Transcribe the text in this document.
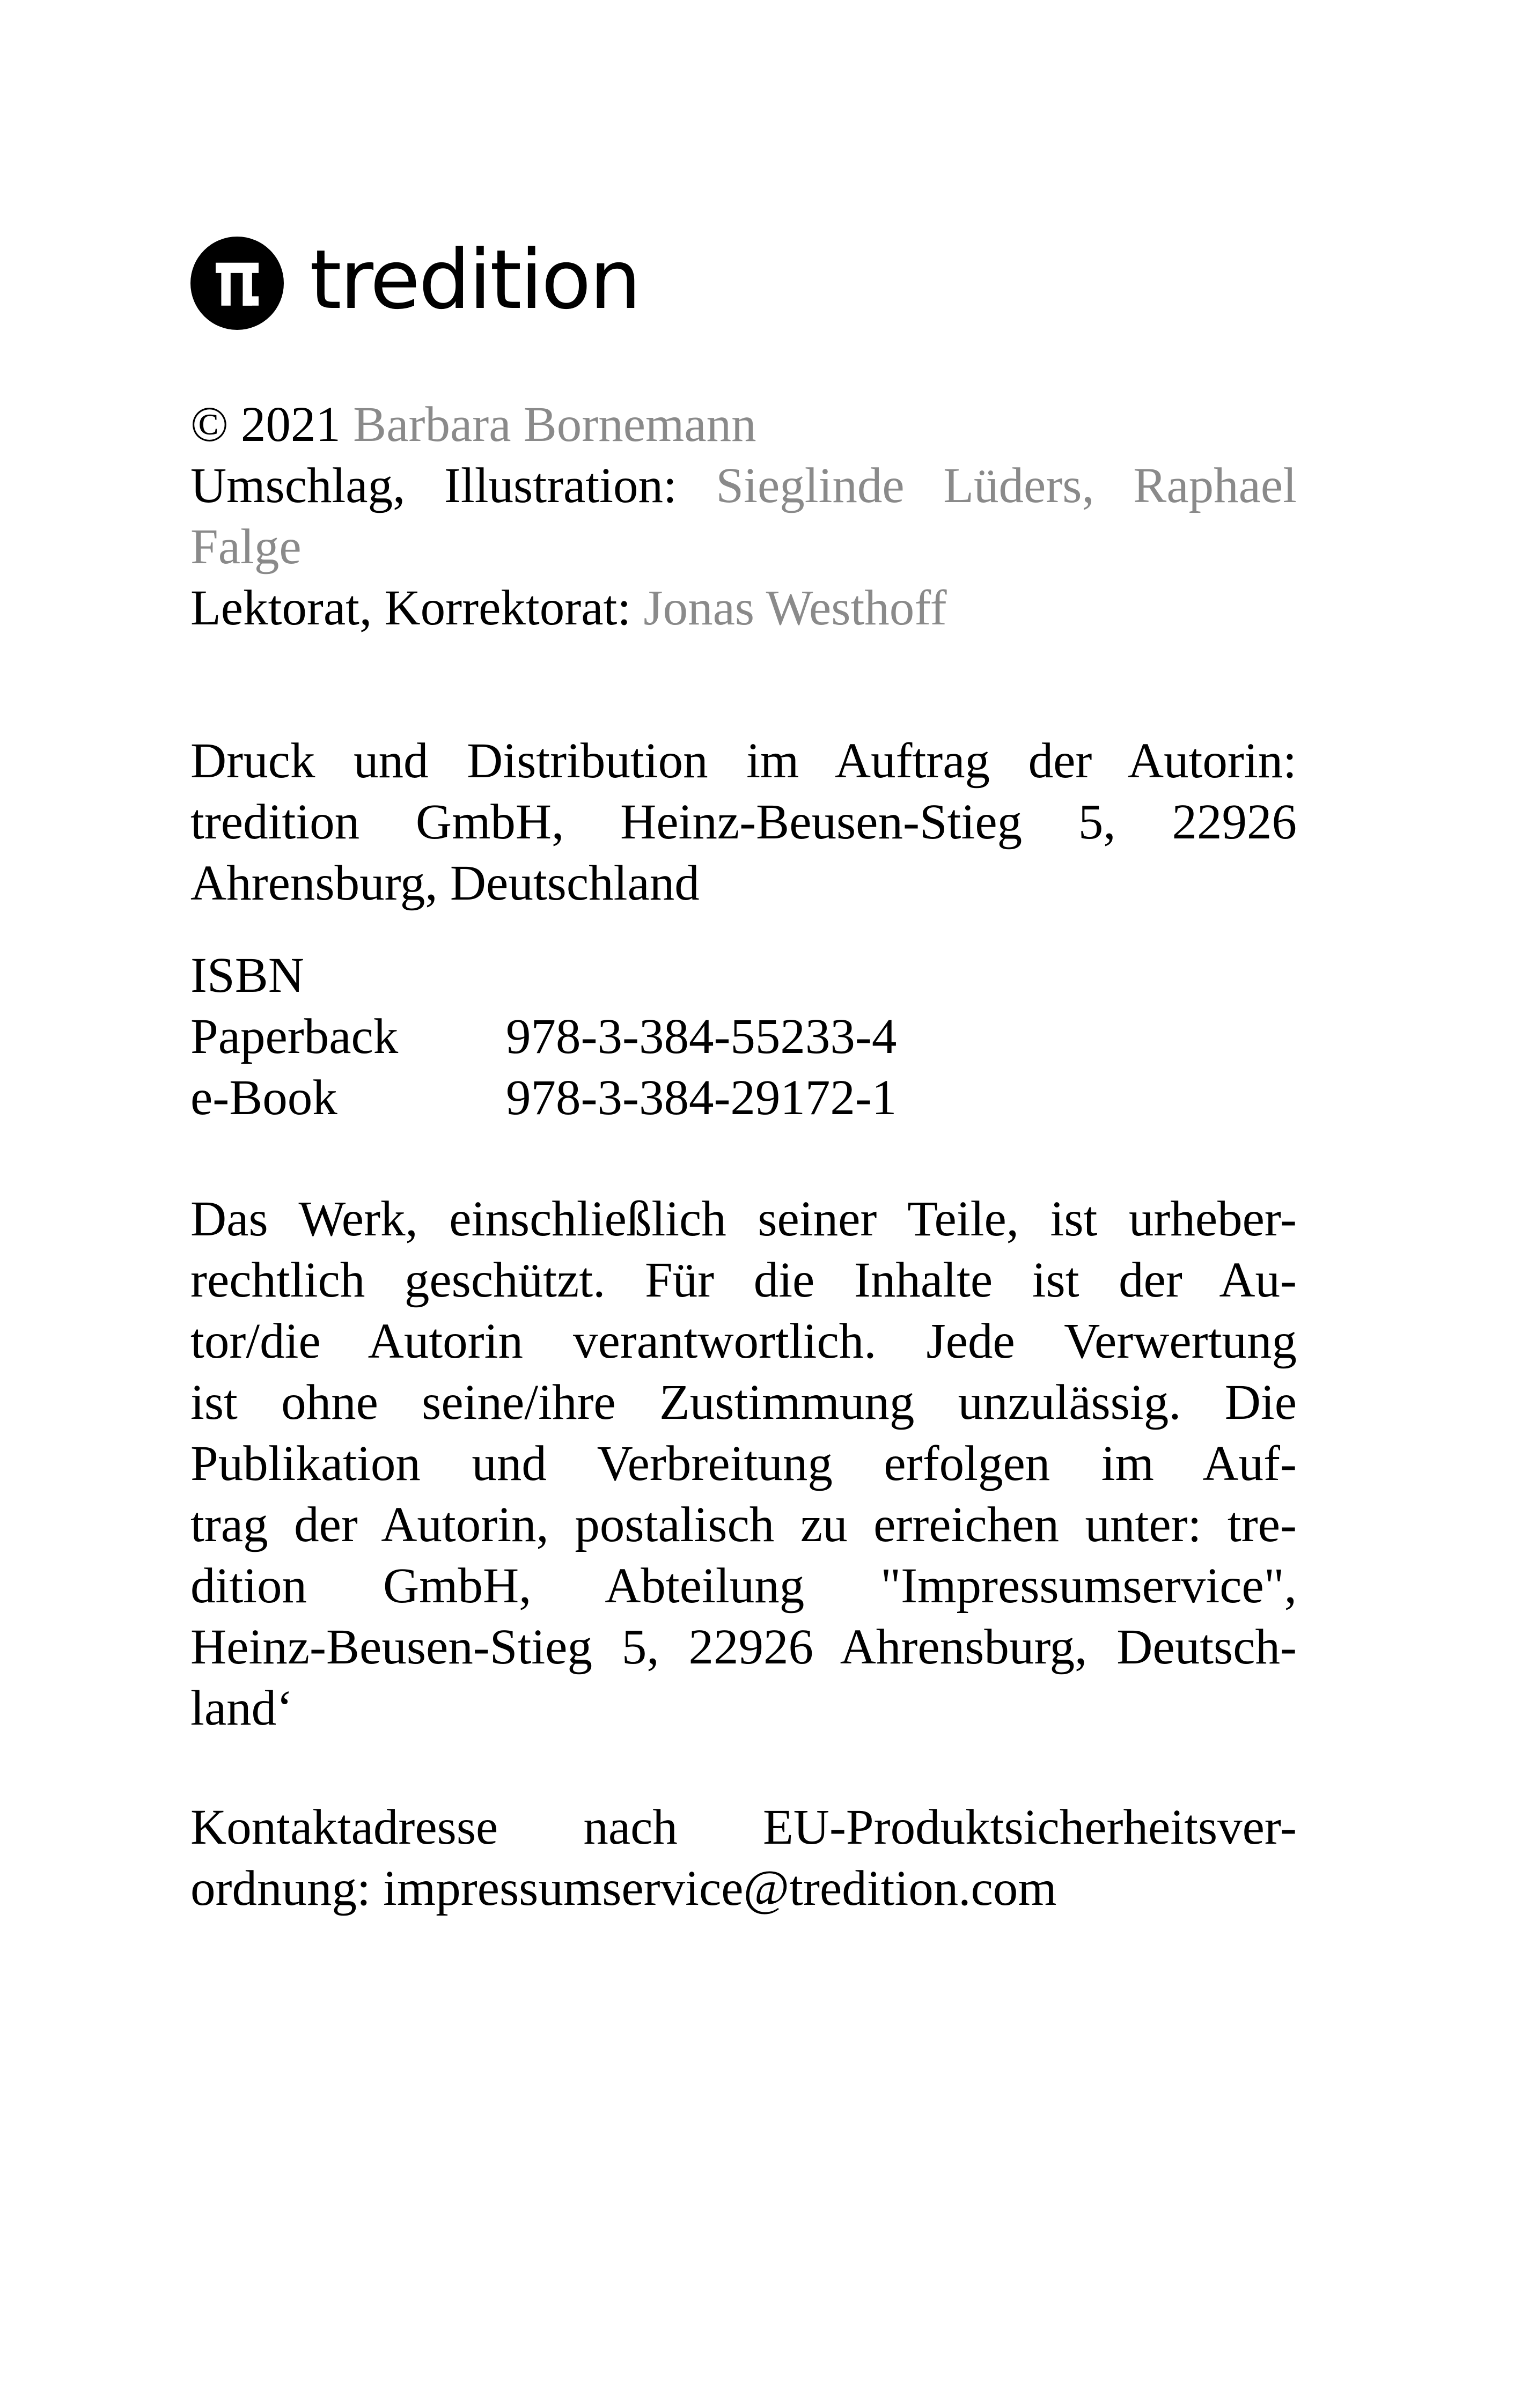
tredition
© 2021 Barbara Bornemann
Umschlag, Illustration: Sieglinde Lüders, Raphael
Falge
Lektorat, Korrektorat: Jonas Westhoff
Druck und Distribution im Auftrag der Autorin:
tredition GmbH, Heinz-Beusen-Stieg 5, 22926
Ahrensburg, Deutschland
ISBN
Paperback	978-3-384-55233-4
e-Book	978-3-384-29172-1
Das Werk, einschließlich seiner Teile, ist urheber-
rechtlich geschützt. Für die Inhalte ist der Au-
tor/die Autorin verantwortlich. Jede Verwertung
ist ohne seine/ihre Zustimmung unzulässig. Die
Publikation und Verbreitung erfolgen im Auf-
trag der Autorin, postalisch zu erreichen unter: tre-
dition GmbH, Abteilung "Impressumservice",
Heinz-Beusen-Stieg 5, 22926 Ahrensburg, Deutsch-
land‘
Kontaktadresse nach EU-Produktsicherheitsver-
ordnung: impressumservice@tredition.com
